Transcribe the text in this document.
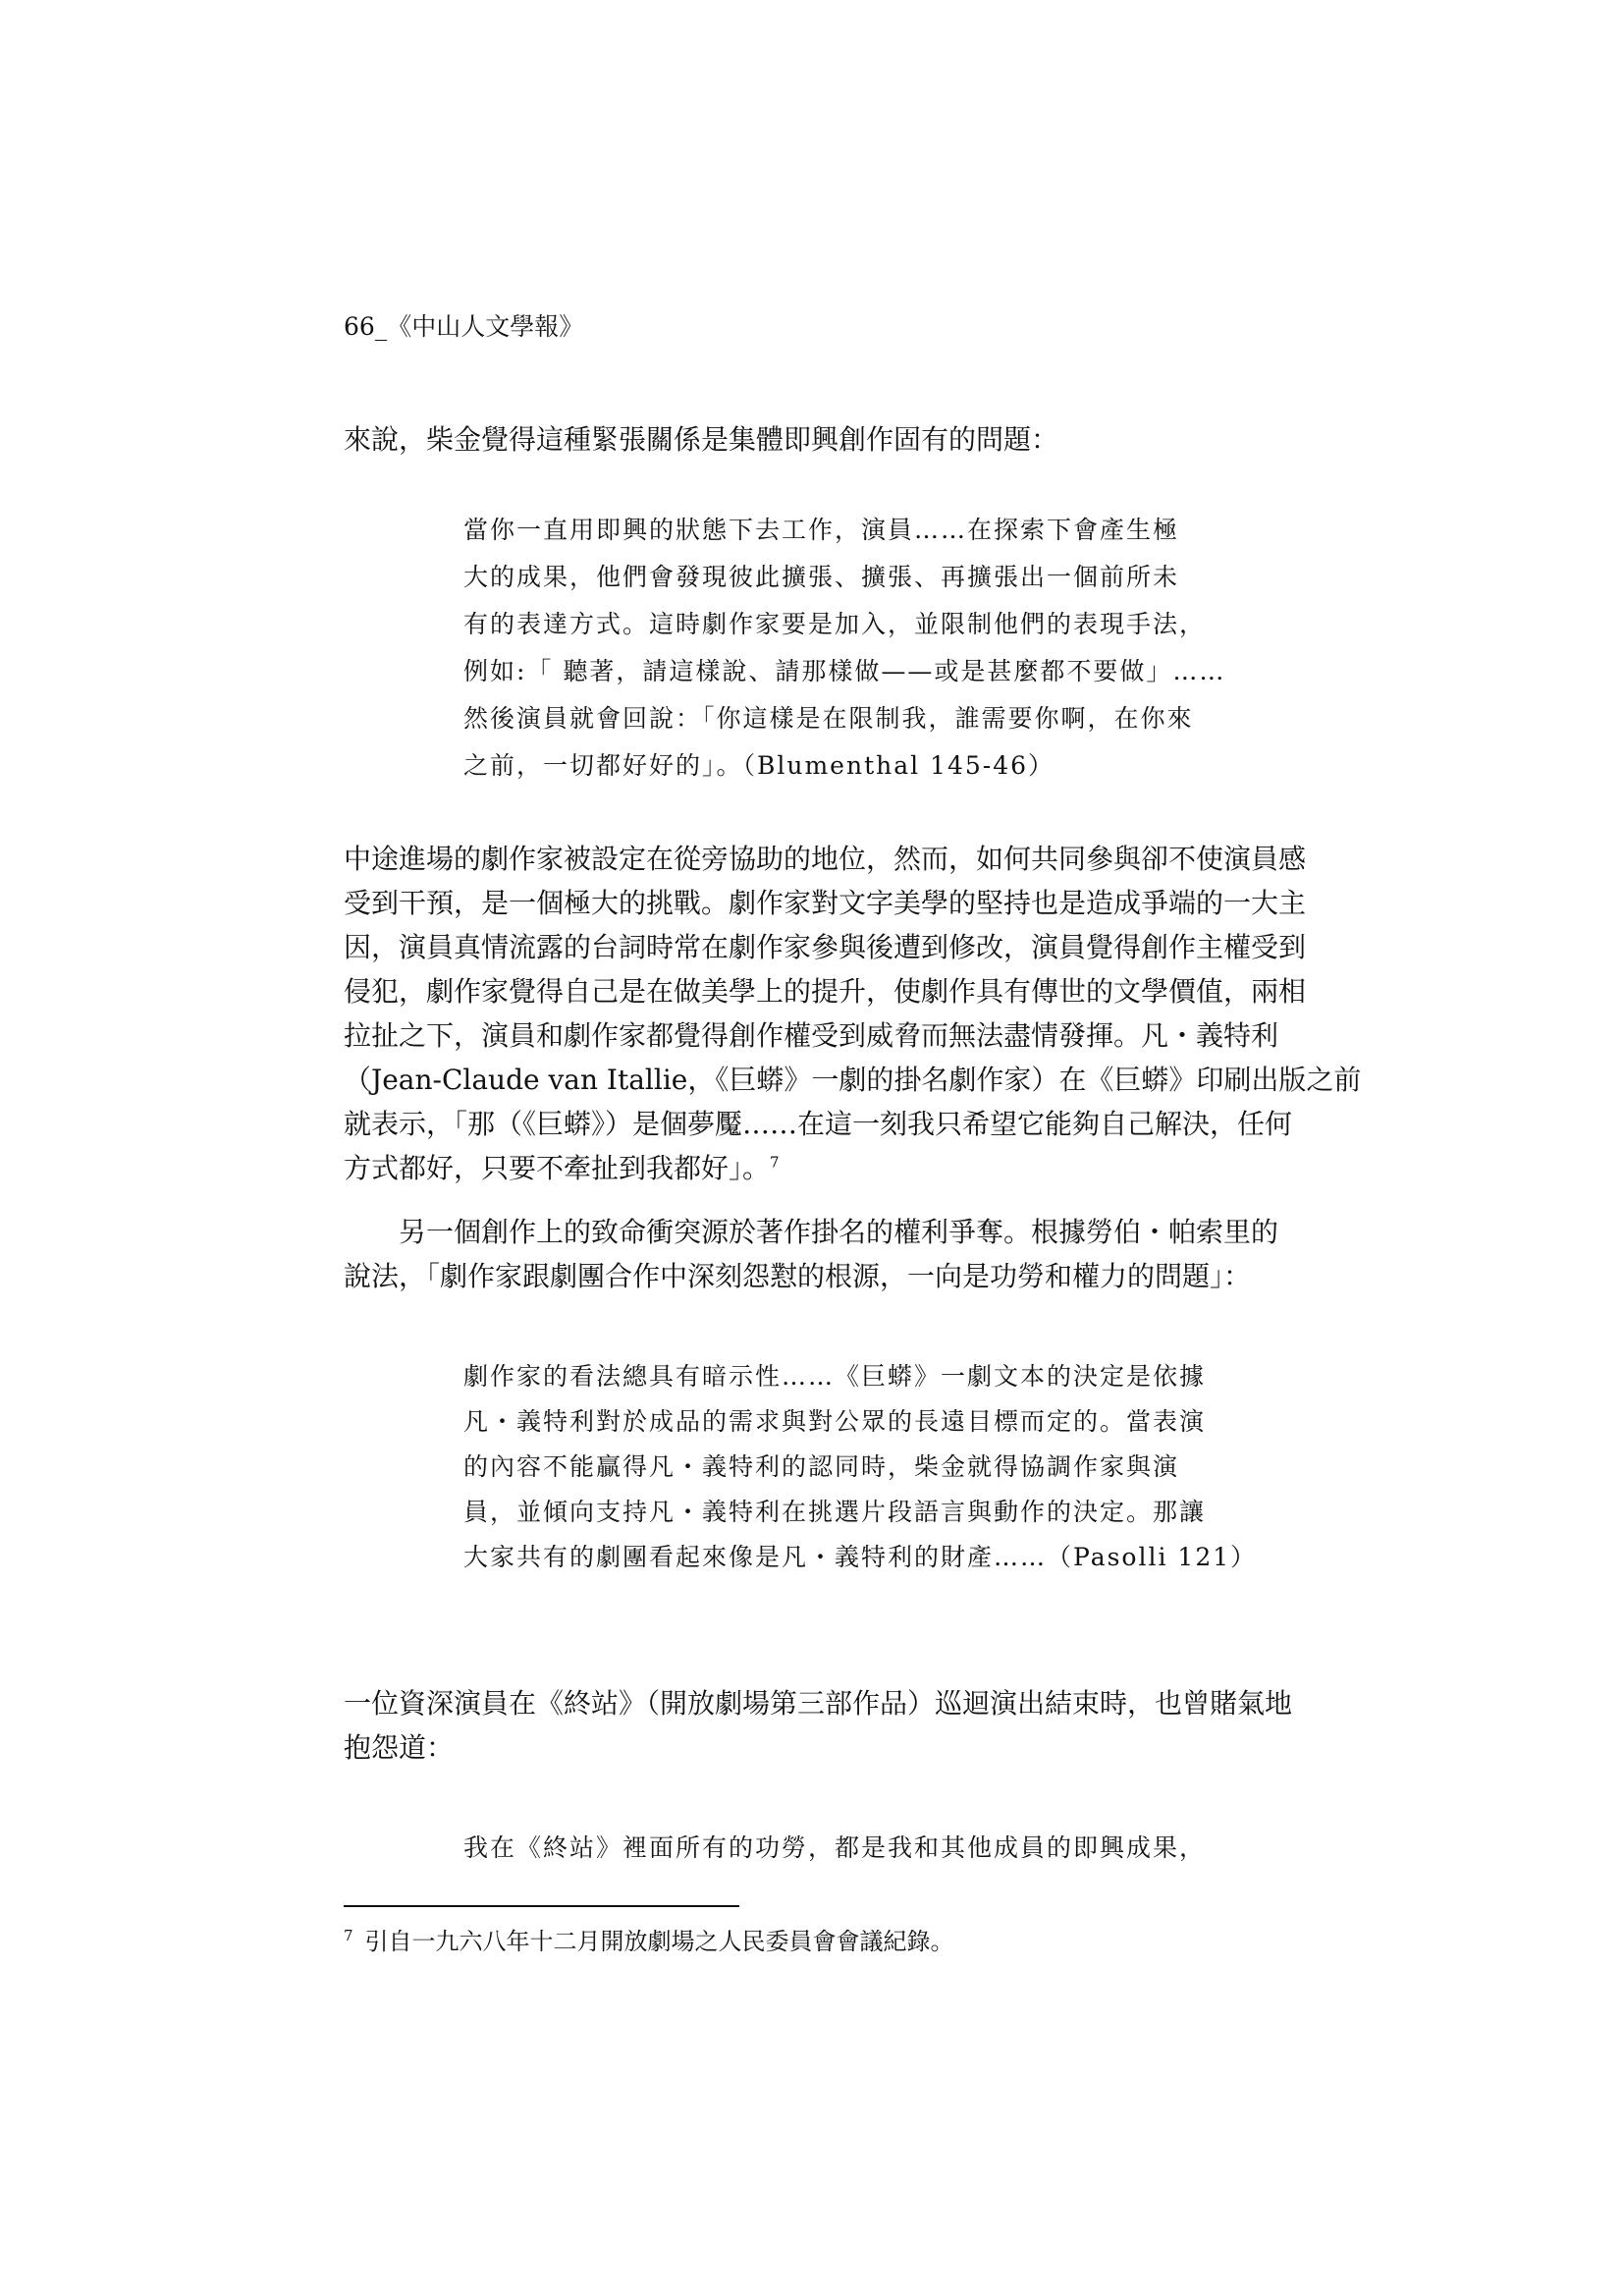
66_《中山人文學報》
來說，柴金覺得這種緊張關係是集體即興創作固有的問題：
當你一直用即興的狀態下去工作，演員……在探索下會產生極
大的成果，他們會發現彼此擴張、擴張、再擴張出一個前所未
有的表達方式。這時劇作家要是加入，並限制他們的表現手法，
例如:「 聽著，請這樣說、請那樣做——或是甚麼都不要做」……
然後演員就會回說：「你這樣是在限制我，誰需要你啊，在你來
之前，一切都好好的」。（Blumenthal 145-46）
中途進場的劇作家被設定在從旁協助的地位，然而，如何共同參與卻不使演員感
受到干預，是一個極大的挑戰。劇作家對文字美學的堅持也是造成爭端的一大主
因，演員真情流露的台詞時常在劇作家參與後遭到修改，演員覺得創作主權受到
侵犯，劇作家覺得自己是在做美學上的提升，使劇作具有傳世的文學價值，兩相
拉扯之下，演員和劇作家都覺得創作權受到威脅而無法盡情發揮。凡・義特利
（Jean-Claude van Itallie，《巨蟒》一劇的掛名劇作家）在《巨蟒》印刷出版之前
就表示，「那（《巨蟒》）是個夢魘……在這一刻我只希望它能夠自己解決，任何
方式都好，只要不牽扯到我都好」。$^7$
　　另一個創作上的致命衝突源於著作掛名的權利爭奪。根據勞伯・帕索里的
說法，「劇作家跟劇團合作中深刻怨懟的根源，一向是功勞和權力的問題」：
劇作家的看法總具有暗示性……《巨蟒》一劇文本的決定是依據
凡・義特利對於成品的需求與對公眾的長遠目標而定的。當表演
的內容不能贏得凡・義特利的認同時，柴金就得協調作家與演
員，並傾向支持凡・義特利在挑選片段語言與動作的決定。那讓
大家共有的劇團看起來像是凡・義特利的財產……（Pasolli 121）
一位資深演員在《終站》（開放劇場第三部作品）巡迴演出結束時，也曾賭氣地
抱怨道：
我在《終站》裡面所有的功勞，都是我和其他成員的即興成果，
$^7$ 引自一九六八年十二月開放劇場之人民委員會會議紀錄。
